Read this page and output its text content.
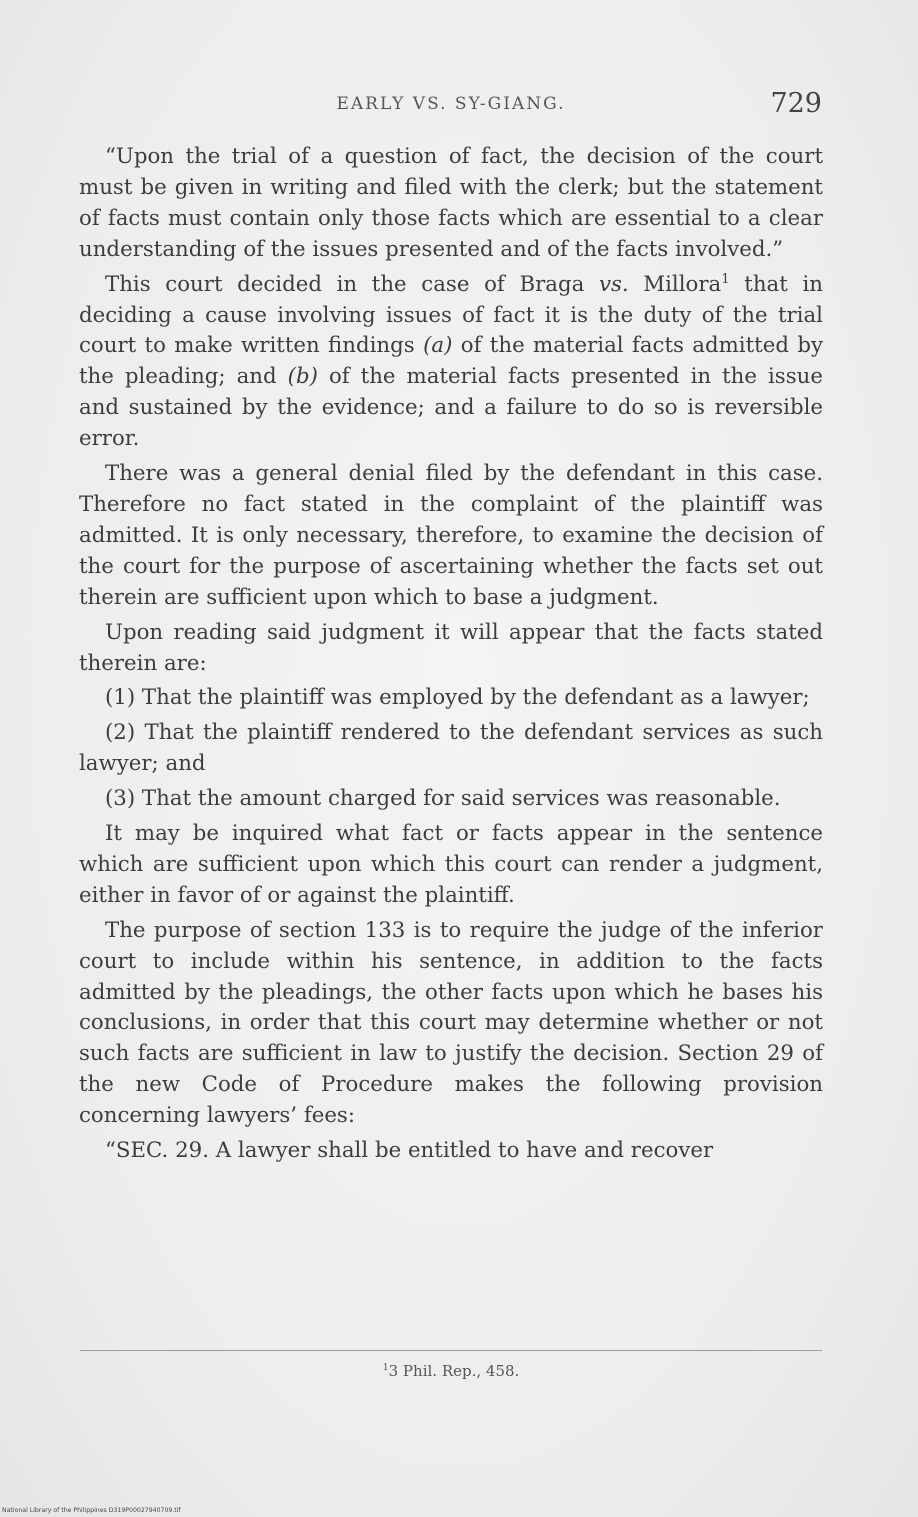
EARLY VS. SY-GIANG.	729

“Upon the trial of a question of fact, the decision of the court must be given in writing and filed with the clerk; but the statement of facts must contain only those facts which are essential to a clear understanding of the issues presented and of the facts involved.”

This court decided in the case of Braga vs. Millora$^1$ that in deciding a cause involving issues of fact it is the duty of the trial court to make written findings (a) of the material facts admitted by the pleading; and (b) of the material facts presented in the issue and sustained by the evidence; and a failure to do so is reversible error.

There was a general denial filed by the defendant in this case. Therefore no fact stated in the complaint of the plaintiff was admitted. It is only necessary, therefore, to examine the decision of the court for the purpose of ascertaining whether the facts set out therein are sufficient upon which to base a judgment.

Upon reading said judgment it will appear that the facts stated therein are:

(1) That the plaintiff was employed by the defendant as a lawyer;

(2) That the plaintiff rendered to the defendant services as such lawyer; and

(3) That the amount charged for said services was reasonable.

It may be inquired what fact or facts appear in the sentence which are sufficient upon which this court can render a judgment, either in favor of or against the plaintiff.

The purpose of section 133 is to require the judge of the inferior court to include within his sentence, in addition to the facts admitted by the pleadings, the other facts upon which he bases his conclusions, in order that this court may determine whether or not such facts are sufficient in law to justify the decision. Section 29 of the new Code of Procedure makes the following provision concerning lawyers’ fees:

“SEC. 29. A lawyer shall be entitled to have and recover

$^1$3 Phil. Rep., 458.
National Library of the Philippines D319P00027940709.tif
